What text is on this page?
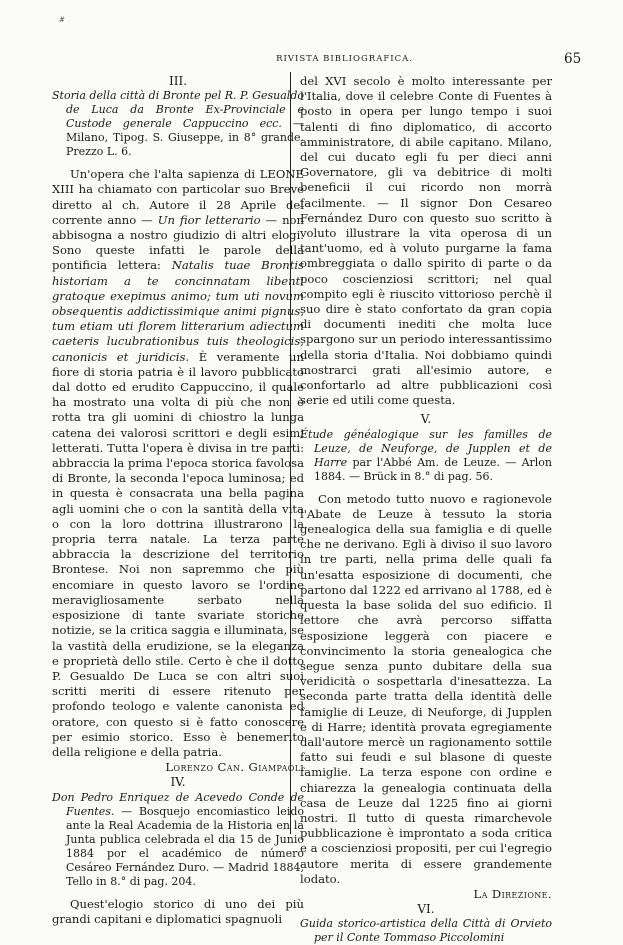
#
RIVISTA BIBLIOGRAFICA.	65

III.

Storia della città di Bronte pel R. P. Gesualdo de Luca da Bronte Ex-Provinciale e Custode generale Cappuccino ecc. — Milano, Tipog. S. Giuseppe, in 8° grande. Prezzo L. 6.

Un'opera che l'alta sapienza di LEONE XIII ha chiamato con particolar suo Breve diretto al ch. Autore il 28 Aprile del corrente anno — Un fior letterario — non abbisogna a nostro giudizio di altri elogi. Sono queste infatti le parole della pontificia lettera: Natalis tuae Brontis historiam a te concinnatam libenti gratoque exepimus animo; tum uti novum obsequentis addictissimique animi pignus, tum etiam uti florem litterarium adiectum caeteris lucubrationibus tuis theologicis, canonicis et juridicis. È veramente un fiore di storia patria è il lavoro pubblicato dal dotto ed erudito Cappuccino, il quale ha mostrato una volta di più che non è rotta tra gli uomini di chiostro la lunga catena dei valorosi scrittori e degli esimi letterati. Tutta l'opera è divisa in tre parti: abbraccia la prima l'epoca storica favolosa di Bronte, la seconda l'epoca luminosa; ed in questa è consacrata una bella pagina agli uomini che o con la santità della vita o con la loro dottrina illustrarono la propria terra natale. La terza parte abbraccia la descrizione del territorio Brontese. Noi non sapremmo che più encomiare in questo lavoro se l'ordine meravigliosamente serbato nella esposizione di tante svariate storiche notizie, se la critica saggia e illuminata, se la vastità della erudizione, se la eleganza e proprietà dello stile. Certo è che il dotto P. Gesualdo De Luca se con altri suoi scritti meriti di essere ritenuto per profondo teologo e valente canonista ed oratore, con questo si è fatto conoscere per esimio storico. Esso è benemerito della religione e della patria.

Lorenzo Can. Giampaoli

IV.

Don Pedro Enriquez de Acevedo Conde de Fuentes. — Bosquejo encomiastico leido ante la Real Academia de la Historia en la Junta publica celebrada el dia 15 de Junio 1884 por el académico de número Cesáreo Fernández Duro. — Madrid 1884, Tello in 8.° di pag. 204.

Quest'elogio storico di uno dei più grandi capitani e diplomatici spagnuoli

del XVI secolo è molto interessante per l'Italia, dove il celebre Conte di Fuentes à posto in opera per lungo tempo i suoi talenti di fino diplomatico, di accorto amministratore, di abile capitano. Milano, del cui ducato egli fu per dieci anni Governatore, gli va debitrice di molti beneficii il cui ricordo non morrà facilmente. — Il signor Don Cesareo Fernández Duro con questo suo scritto à voluto illustrare la vita operosa di un tant'uomo, ed à voluto purgarne la fama ombreggiata o dallo spirito di parte o da poco coscienziosi scrittori; nel qual compito egli è riuscito vittorioso perchè il suo dire è stato confortato da gran copia di documenti inediti che molta luce spargono sur un periodo interessantissimo della storia d'Italia. Noi dobbiamo quindi mostrarci grati all'esimio autore, e confortarlo ad altre pubblicazioni così serie ed utili come questa.

V.

Étude généalogique sur les familles de Leuze, de Neuforge, de Jupplen et de Harre par l'Abbé Am. de Leuze. — Arlon 1884. — Brück in 8.° di pag. 56.

Con metodo tutto nuovo e ragionevole l'Abate de Leuze à tessuto la storia genealogica della sua famiglia e di quelle che ne derivano. Egli à diviso il suo lavoro in tre parti, nella prima delle quali fa un'esatta esposizione di documenti, che partono dal 1222 ed arrivano al 1788, ed è questa la base solida del suo edificio. Il lettore che avrà percorso siffatta esposizione leggerà con piacere e convincimento la storia genealogica che segue senza punto dubitare della sua veridicità o sospettarla d'inesattezza. La seconda parte tratta della identità delle famiglie di Leuze, di Neuforge, di Jupplen e di Harre; identità provata egregiamente dall'autore mercè un ragionamento sottile fatto sui feudi e sul blasone di queste famiglie. La terza espone con ordine e chiarezza la genealogia continuata della casa de Leuze dal 1225 fino ai giorni nostri. Il tutto di questa rimarchevole pubblicazione è improntato a soda critica e a coscienziosi propositi, per cui l'egregio autore merita di essere grandemente lodato.

La Direzione.

VI.

Guida storico-artistica della Città di Orvieto per il Conte Tommaso Piccolomini
